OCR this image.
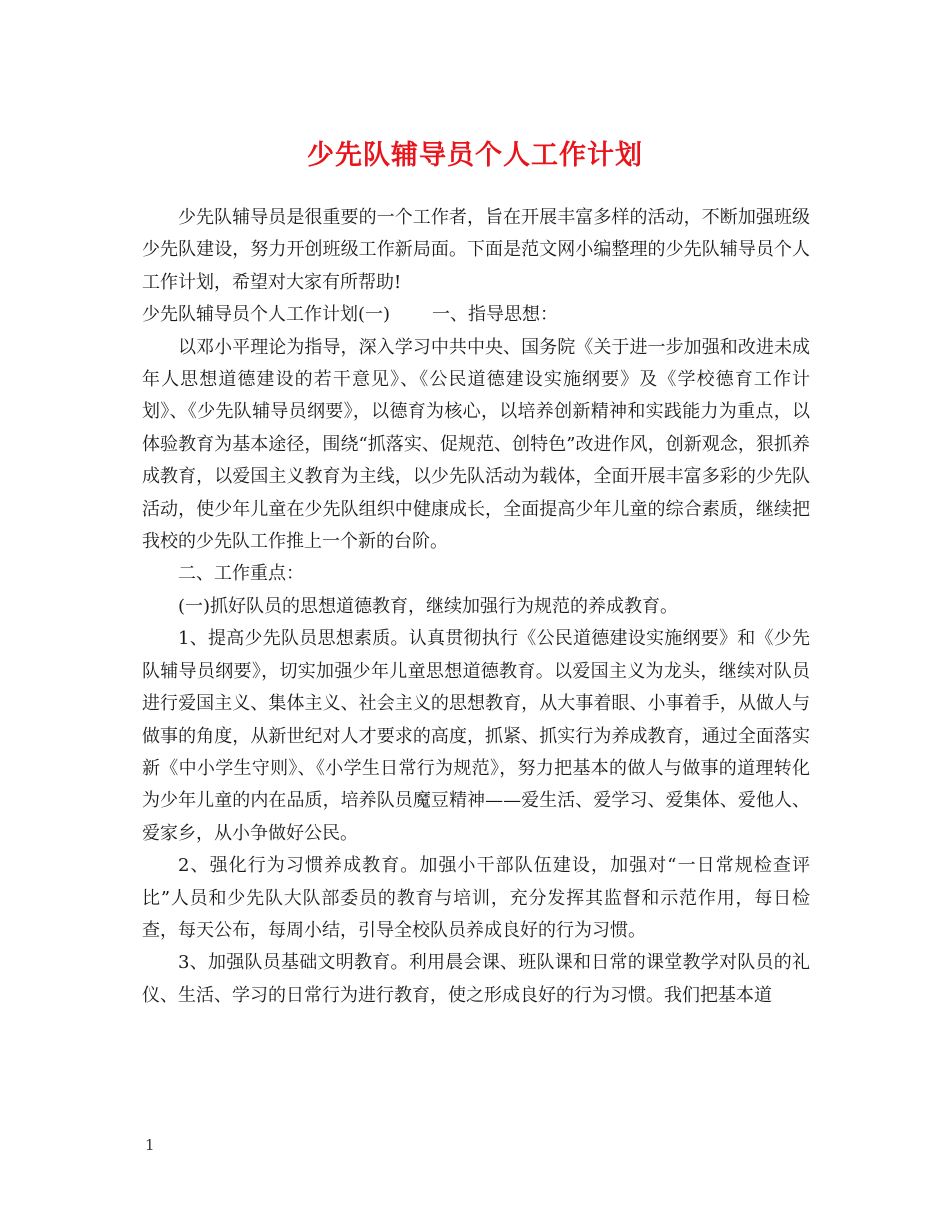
少先队辅导员个人工作计划

少先队辅导员是很重要的一个工作者，旨在开展丰富多样的活动，不断加强班级少先队建设，努力开创班级工作新局面。下面是范文网小编整理的少先队辅导员个人工作计划，希望对大家有所帮助!

少先队辅导员个人工作计划(一) 一、指导思想：

以邓小平理论为指导，深入学习中共中央、国务院《关于进一步加强和改进未成年人思想道德建设的若干意见》、《公民道德建设实施纲要》及《学校德育工作计划》、《少先队辅导员纲要》，以德育为核心，以培养创新精神和实践能力为重点，以体验教育为基本途径，围绕“抓落实、促规范、创特色”改进作风，创新观念，狠抓养成教育，以爱国主义教育为主线，以少先队活动为载体，全面开展丰富多彩的少先队活动，使少年儿童在少先队组织中健康成长，全面提高少年儿童的综合素质，继续把我校的少先队工作推上一个新的台阶。

二、工作重点：

(一)抓好队员的思想道德教育，继续加强行为规范的养成教育。

1、提高少先队员思想素质。认真贯彻执行《公民道德建设实施纲要》和《少先队辅导员纲要》，切实加强少年儿童思想道德教育。以爱国主义为龙头，继续对队员进行爱国主义、集体主义、社会主义的思想教育，从大事着眼、小事着手，从做人与做事的角度，从新世纪对人才要求的高度，抓紧、抓实行为养成教育，通过全面落实新《中小学生守则》、《小学生日常行为规范》，努力把基本的做人与做事的道理转化为少年儿童的内在品质，培养队员魔豆精神——爱生活、爱学习、爱集体、爱他人、爱家乡，从小争做好公民。

2、强化行为习惯养成教育。加强小干部队伍建设，加强对“一日常规检查评比”人员和少先队大队部委员的教育与培训，充分发挥其监督和示范作用，每日检查，每天公布，每周小结，引导全校队员养成良好的行为习惯。

3、加强队员基础文明教育。利用晨会课、班队课和日常的课堂教学对队员的礼仪、生活、学习的日常行为进行教育，使之形成良好的行为习惯。我们把基本道

1
